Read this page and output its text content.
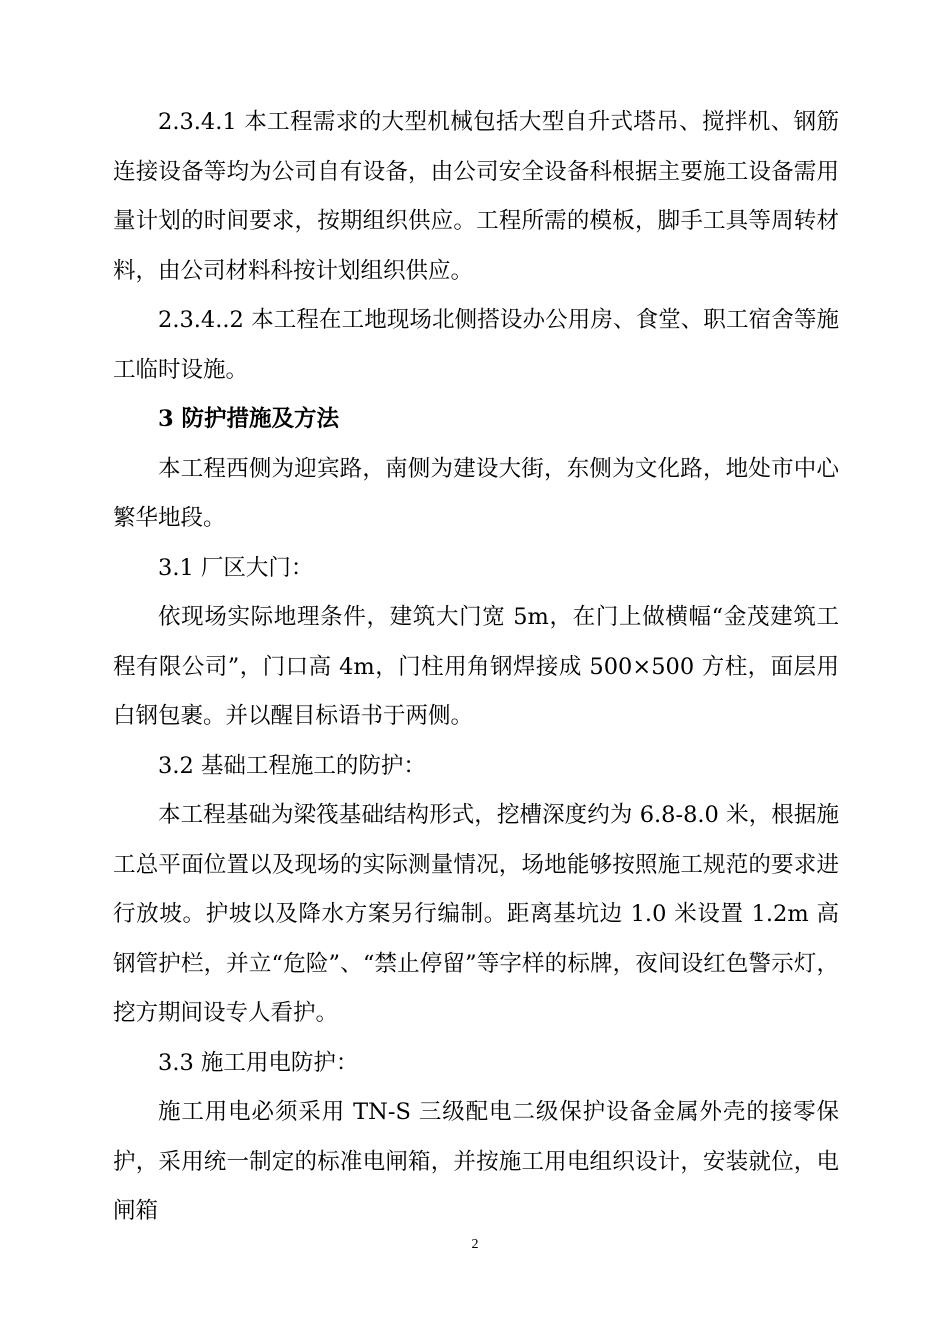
2.3.4.1 本工程需求的大型机械包括大型自升式塔吊、搅拌机、钢筋连接设备等均为公司自有设备，由公司安全设备科根据主要施工设备需用量计划的时间要求，按期组织供应。工程所需的模板，脚手工具等周转材料，由公司材料科按计划组织供应。

2.3.4..2 本工程在工地现场北侧搭设办公用房、食堂、职工宿舍等施工临时设施。

3 防护措施及方法

本工程西侧为迎宾路，南侧为建设大街，东侧为文化路，地处市中心繁华地段。

3.1 厂区大门：

依现场实际地理条件，建筑大门宽 5m，在门上做横幅“金茂建筑工程有限公司”，门口高 4m，门柱用角钢焊接成 500×500 方柱，面层用白钢包裹。并以醒目标语书于两侧。

3.2 基础工程施工的防护：

本工程基础为梁筏基础结构形式，挖槽深度约为 6.8-8.0 米，根据施工总平面位置以及现场的实际测量情况，场地能够按照施工规范的要求进行放坡。护坡以及降水方案另行编制。距离基坑边 1.0 米设置 1.2m 高钢管护栏，并立“危险”、“禁止停留”等字样的标牌，夜间设红色警示灯，挖方期间设专人看护。

3.3 施工用电防护：

施工用电必须采用 TN-S 三级配电二级保护设备金属外壳的接零保护，采用统一制定的标准电闸箱，并按施工用电组织设计，安装就位，电闸箱

2
